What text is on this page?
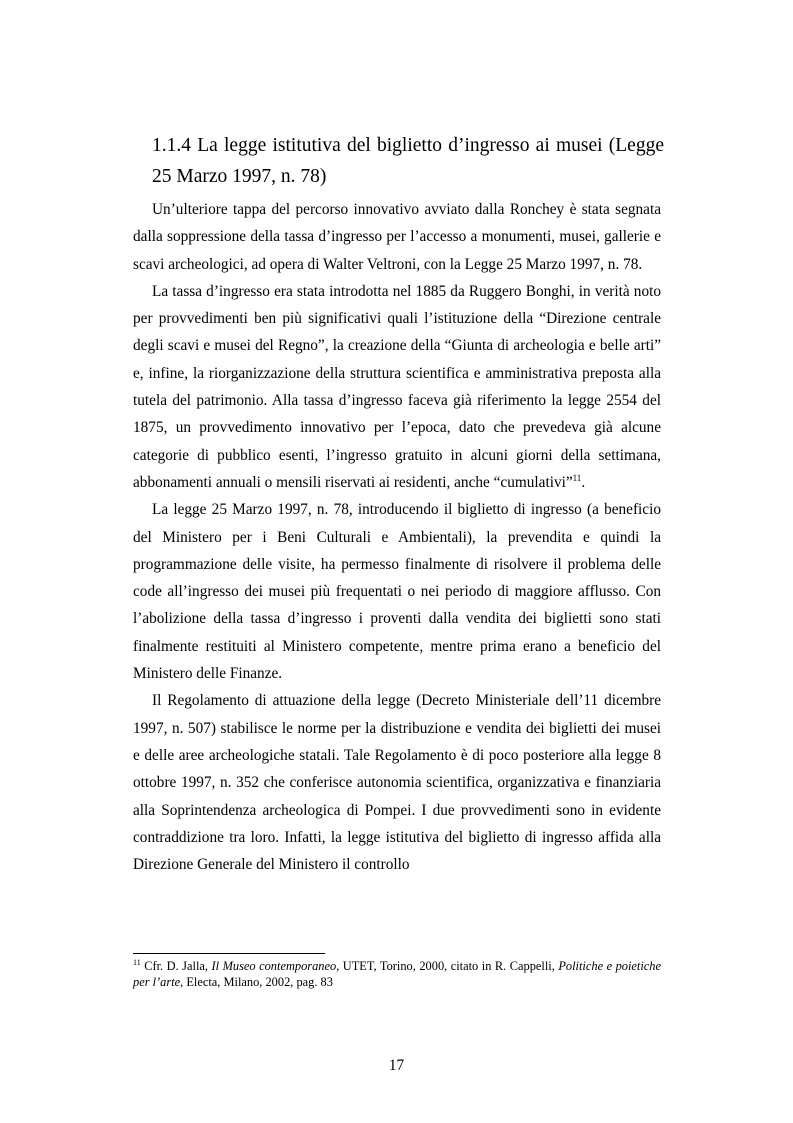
1.1.4 La legge istitutiva del biglietto d’ingresso ai musei (Legge 25 Marzo 1997, n. 78)

Un’ulteriore tappa del percorso innovativo avviato dalla Ronchey è stata segnata dalla soppressione della tassa d’ingresso per l’accesso a monumenti, musei, gallerie e scavi archeologici, ad opera di Walter Veltroni, con la Legge 25 Marzo 1997, n. 78.

La tassa d’ingresso era stata introdotta nel 1885 da Ruggero Bonghi, in verità noto per provvedimenti ben più significativi quali l’istituzione della “Direzione centrale degli scavi e musei del Regno”, la creazione della “Giunta di archeologia e belle arti” e, infine, la riorganizzazione della struttura scientifica e amministrativa preposta alla tutela del patrimonio. Alla tassa d’ingresso faceva già riferimento la legge 2554 del 1875, un provvedimento innovativo per l’epoca, dato che prevedeva già alcune categorie di pubblico esenti, l’ingresso gratuito in alcuni giorni della settimana, abbonamenti annuali o mensili riservati ai residenti, anche “cumulativi”$^{11}$.

La legge 25 Marzo 1997, n. 78, introducendo il biglietto di ingresso (a beneficio del Ministero per i Beni Culturali e Ambientali), la prevendita e quindi la programmazione delle visite, ha permesso finalmente di risolvere il problema delle code all’ingresso dei musei più frequentati o nei periodo di maggiore afflusso. Con l’abolizione della tassa d’ingresso i proventi dalla vendita dei biglietti sono stati finalmente restituiti al Ministero competente, mentre prima erano a beneficio del Ministero delle Finanze.

Il Regolamento di attuazione della legge (Decreto Ministeriale dell’11 dicembre 1997, n. 507) stabilisce le norme per la distribuzione e vendita dei biglietti dei musei e delle aree archeologiche statali. Tale Regolamento è di poco posteriore alla legge 8 ottobre 1997, n. 352 che conferisce autonomia scientifica, organizzativa e finanziaria alla Soprintendenza archeologica di Pompei. I due provvedimenti sono in evidente contraddizione tra loro. Infatti, la legge istitutiva del biglietto di ingresso affida alla Direzione Generale del Ministero il controllo

$^{11}$ Cfr. D. Jalla, Il Museo contemporaneo, UTET, Torino, 2000, citato in R. Cappelli, Politiche e poietiche per l’arte, Electa, Milano, 2002, pag. 83

17
